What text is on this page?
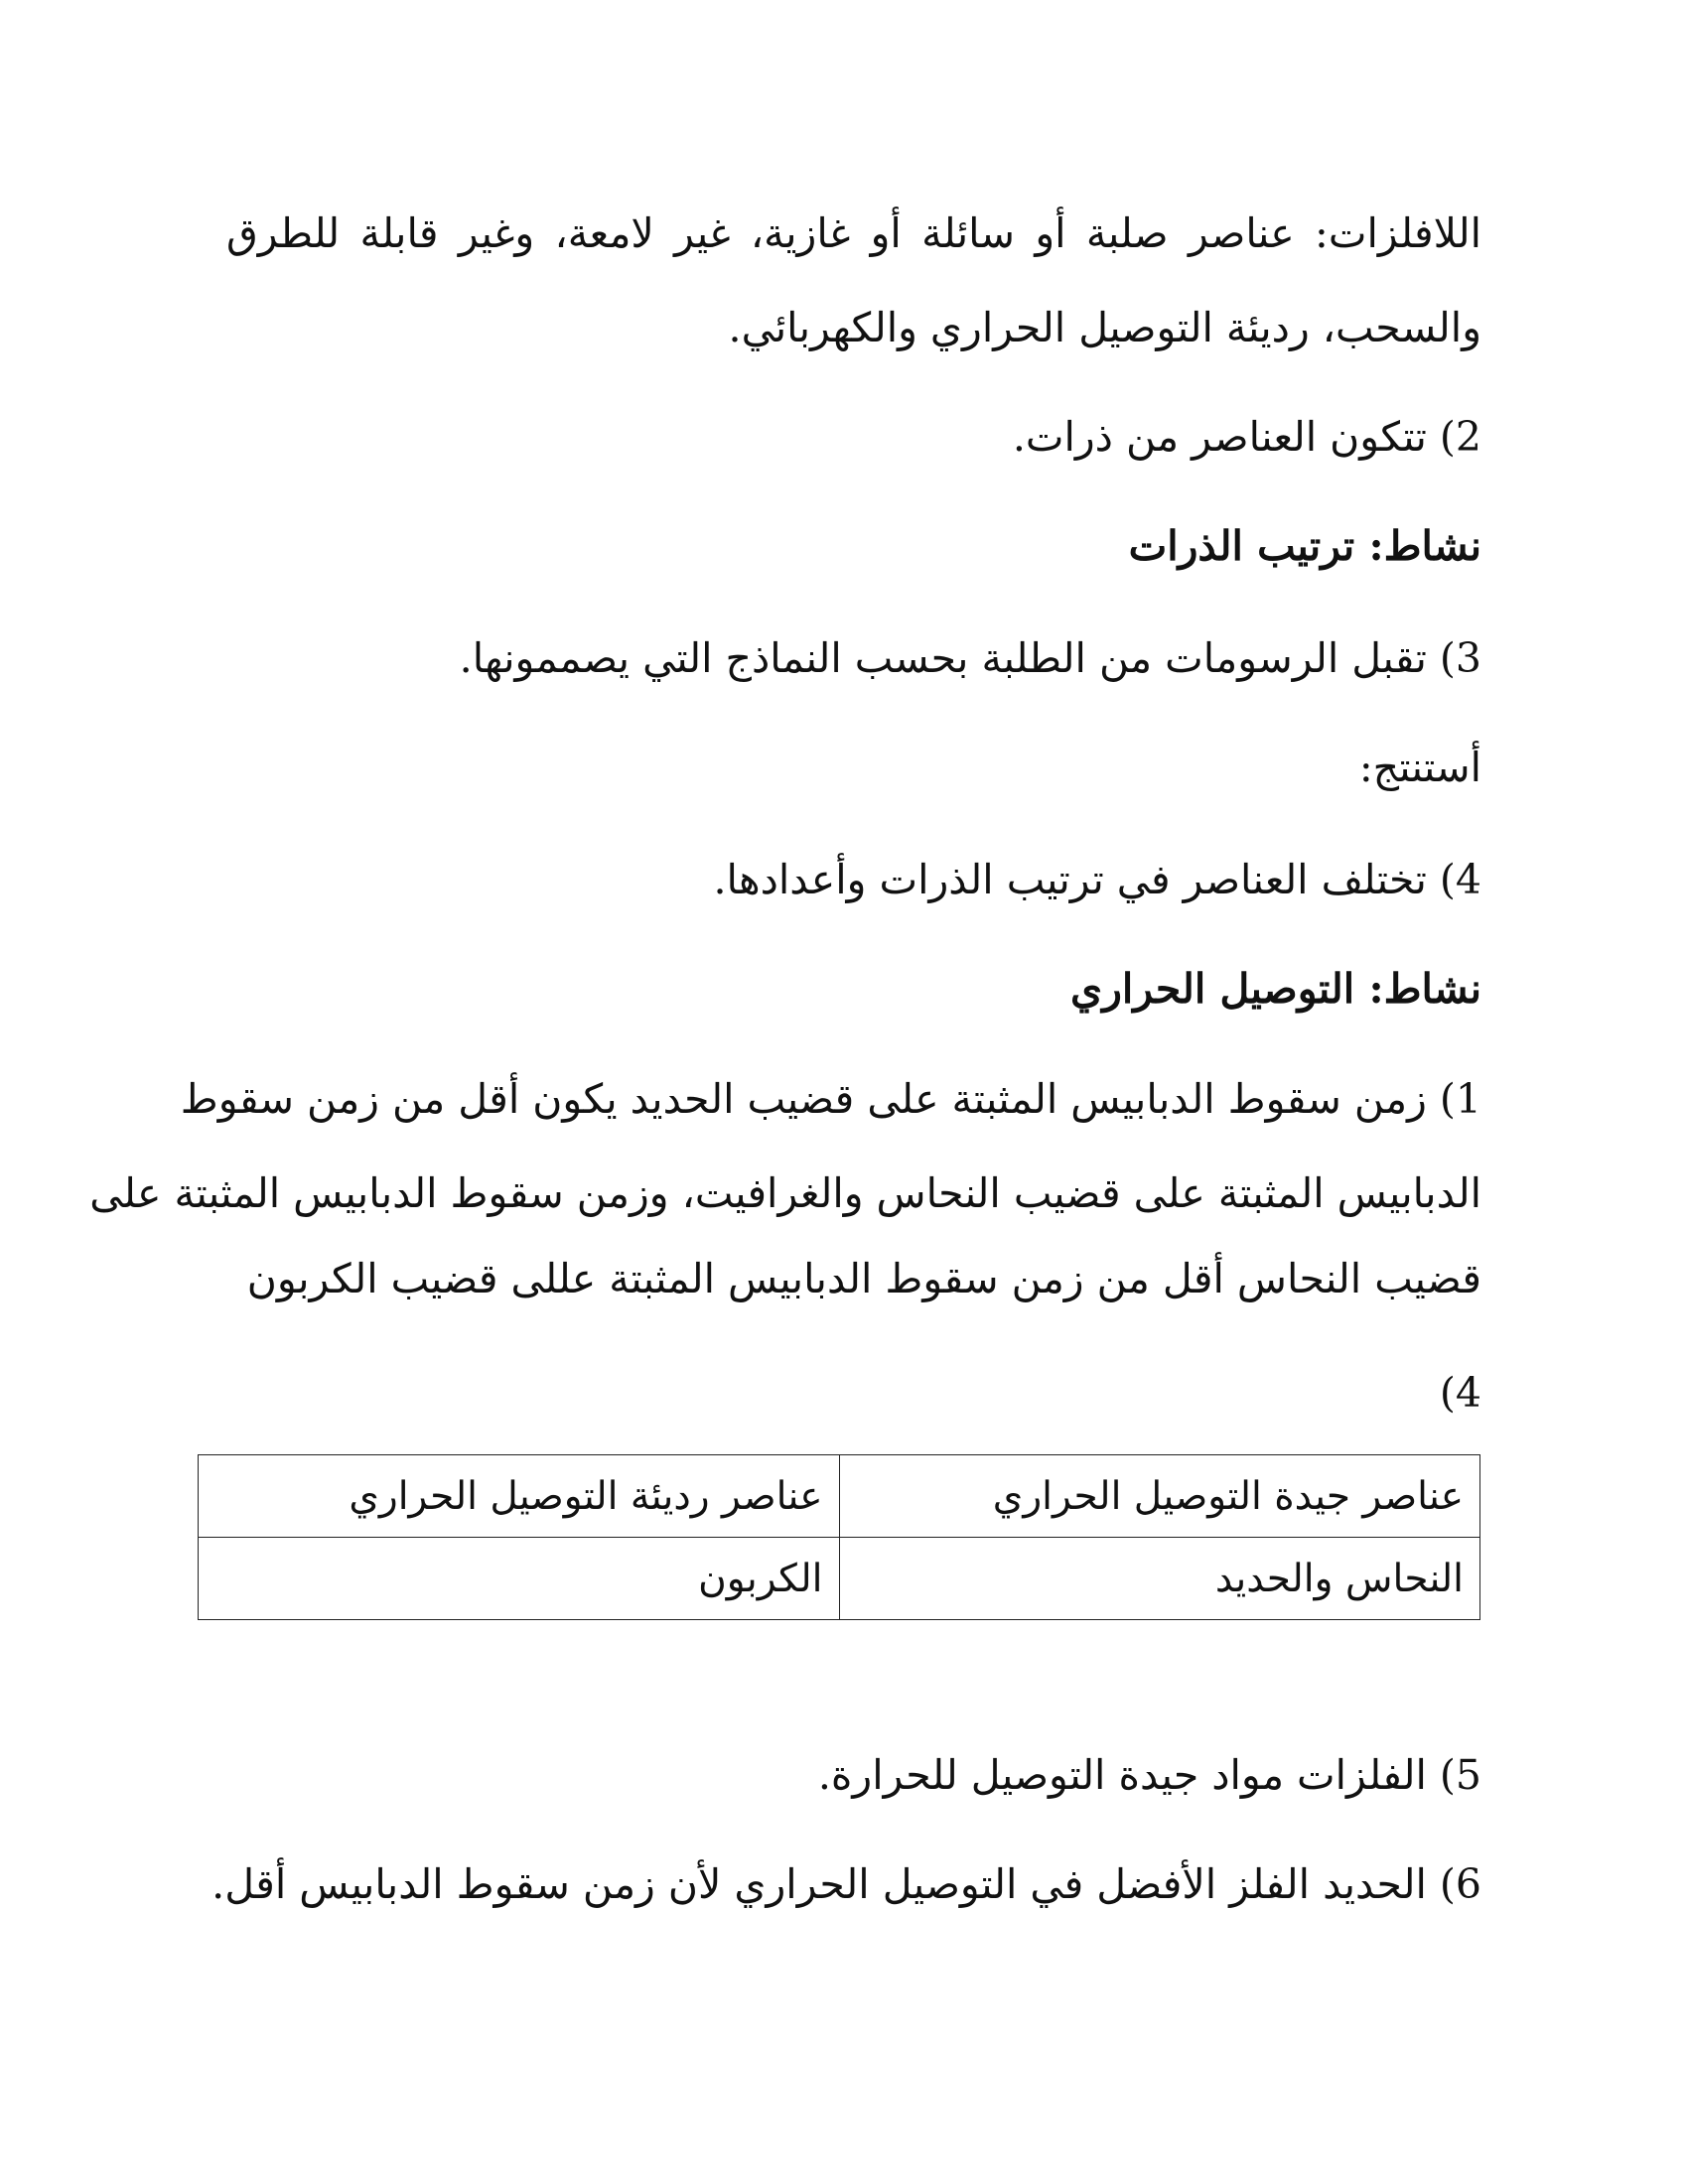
اللافلزات: عناصر صلبة أو سائلة أو غازية، غير لامعة، وغير قابلة للطرق
والسحب، رديئة التوصيل الحراري والكهربائي.
2) تتكون العناصر من ذرات.
نشاط: ترتيب الذرات
3) تقبل الرسومات من الطلبة بحسب النماذج التي يصممونها.
أستنتج:
4) تختلف العناصر في ترتيب الذرات وأعدادها.
نشاط: التوصيل الحراري
1) زمن سقوط الدبابيس المثبتة على قضيب الحديد يكون أقل من زمن سقوط
الدبابيس المثبتة على قضيب النحاس والغرافيت، وزمن سقوط الدبابيس المثبتة على
قضيب النحاس أقل من زمن سقوط الدبابيس المثبتة عللى قضيب الكربون
4)
عناصر جيدة التوصيل الحراري	عناصر رديئة التوصيل الحراري
النحاس والحديد	الكربون
5) الفلزات مواد جيدة التوصيل للحرارة.
6) الحديد الفلز الأفضل في التوصيل الحراري لأن زمن سقوط الدبابيس أقل.
